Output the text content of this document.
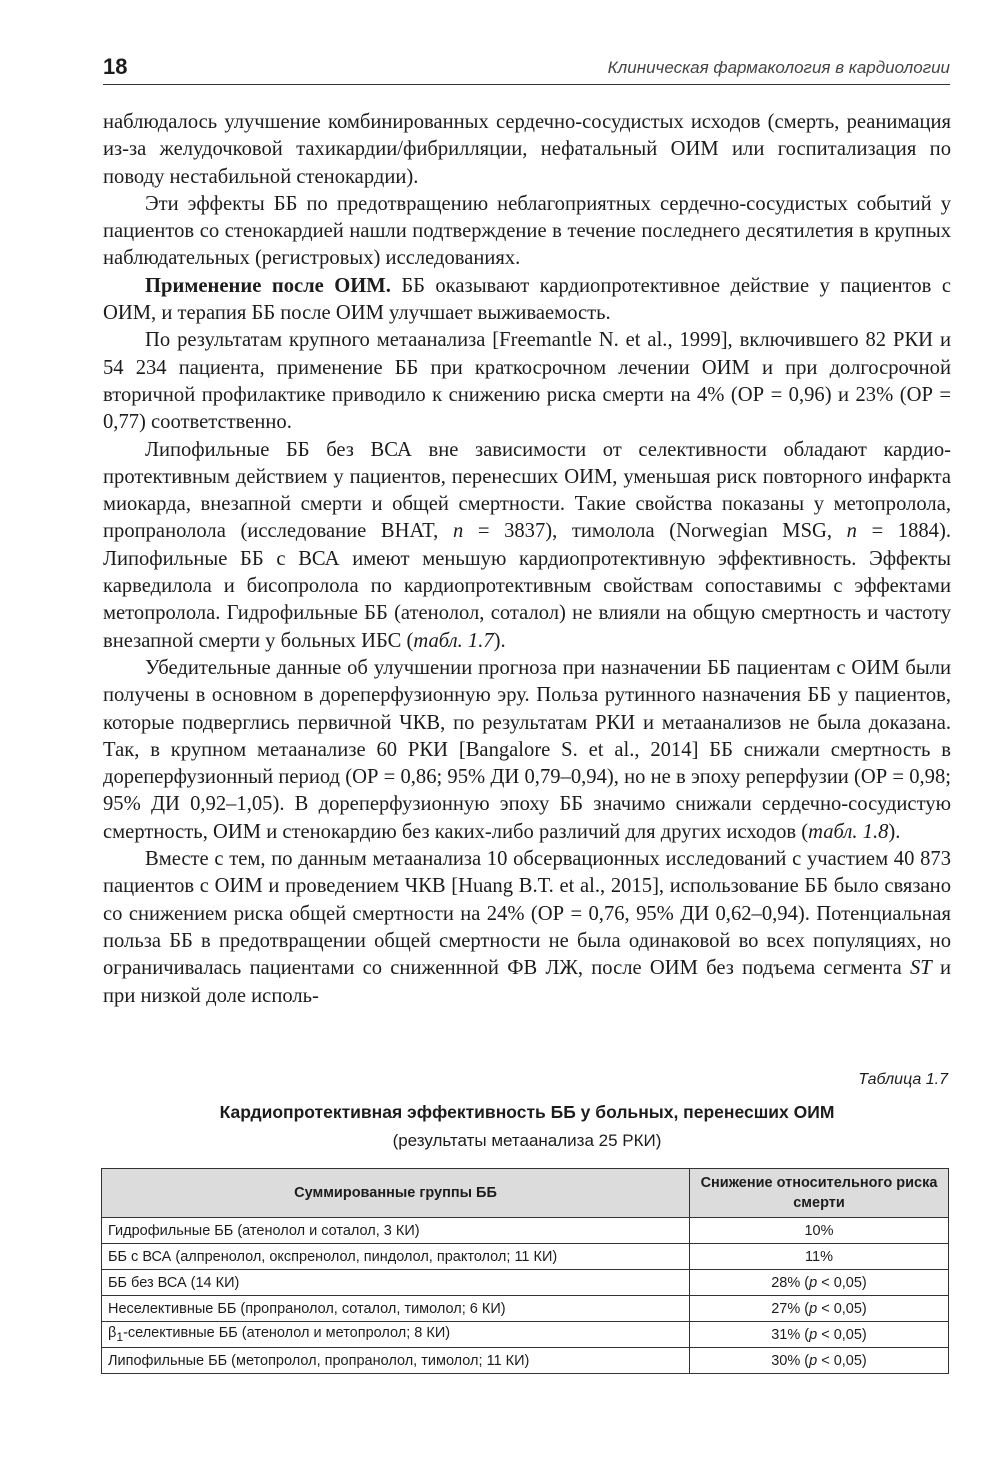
18	Клиническая фармакология в кардиологии

наблюдалось улучшение комбинированных сердечно-сосудистых исходов (смерть, реанимация из-за желудочковой тахикардии/фибрилляции, нефатальный ОИМ или госпитализация по поводу нестабильной стенокардии).

Эти эффекты ББ по предотвращению неблагоприятных сердечно-сосудистых событий у пациентов со стенокардией нашли подтверждение в течение последнего десятилетия в крупных наблюдательных (регистровых) исследованиях.

Применение после ОИМ. ББ оказывают кардиопротективное действие у пациентов с ОИМ, и терапия ББ после ОИМ улучшает выживаемость.

По результатам крупного метаанализа [Freemantle N. et al., 1999], включившего 82 РКИ и 54 234 пациента, применение ББ при краткосрочном лечении ОИМ и при долгосрочной вторичной профилактике приводило к снижению риска смерти на 4% (ОР = 0,96) и 23% (ОР = 0,77) соответственно.

Липофильные ББ без ВСА вне зависимости от селективности обладают кардиопротективным действием у пациентов, перенесших ОИМ, уменьшая риск повторного инфаркта миокарда, внезапной смерти и общей смертности. Такие свойства показаны у метопролола, пропранолола (исследование BHAT, n = 3837), тимолола (Norwegian MSG, n = 1884). Липофильные ББ с ВСА имеют меньшую кардиопротективную эффективность. Эффекты карведилола и бисопролола по кардиопротективным свойствам сопоставимы с эффектами метопролола. Гидрофильные ББ (атенолол, соталол) не влияли на общую смертность и частоту внезапной смерти у больных ИБС (табл. 1.7).

Убедительные данные об улучшении прогноза при назначении ББ пациентам с ОИМ были получены в основном в дореперфузионную эру. Польза рутинного назначения ББ у пациентов, которые подверглись первичной ЧКВ, по результатам РКИ и метаанализов не была доказана. Так, в крупном метаанализе 60 РКИ [Bangalore S. et al., 2014] ББ снижали смертность в дореперфузионный период (ОР = 0,86; 95% ДИ 0,79–0,94), но не в эпоху реперфузии (ОР = 0,98; 95% ДИ 0,92–1,05). В дореперфузионную эпоху ББ значимо снижали сердечно-сосудистую смертность, ОИМ и стенокардию без каких-либо различий для других исходов (табл. 1.8).

Вместе с тем, по данным метаанализа 10 обсервационных исследований с участием 40 873 пациентов с ОИМ и проведением ЧКВ [Huang B.T. et al., 2015], использование ББ было связано со снижением риска общей смертности на 24% (ОР = 0,76, 95% ДИ 0,62–0,94). Потенциальная польза ББ в предотвращении общей смертности не была одинаковой во всех популяциях, но ограничивалась пациентами со сниженнной ФВ ЛЖ, после ОИМ без подъема сегмента ST и при низкой доле исполь-

Таблица 1.7
Кардиопротективная эффективность ББ у больных, перенесших ОИМ
(результаты метаанализа 25 РКИ)
Суммированные группы ББ	Снижение относительного риска смерти
Гидрофильные ББ (атенолол и соталол, 3 КИ)	10%
ББ с ВСА (алпренолол, окспренолол, пиндолол, практолол; 11 КИ)	11%
ББ без ВСА (14 КИ)	28% (p < 0,05)
Неселективные ББ (пропранолол, соталол, тимолол; 6 КИ)	27% (p < 0,05)
$\beta_1$-селективные ББ (атенолол и метопролол; 8 КИ)	31% (p < 0,05)
Липофильные ББ (метопролол, пропранолол, тимолол; 11 КИ)	30% (p < 0,05)
